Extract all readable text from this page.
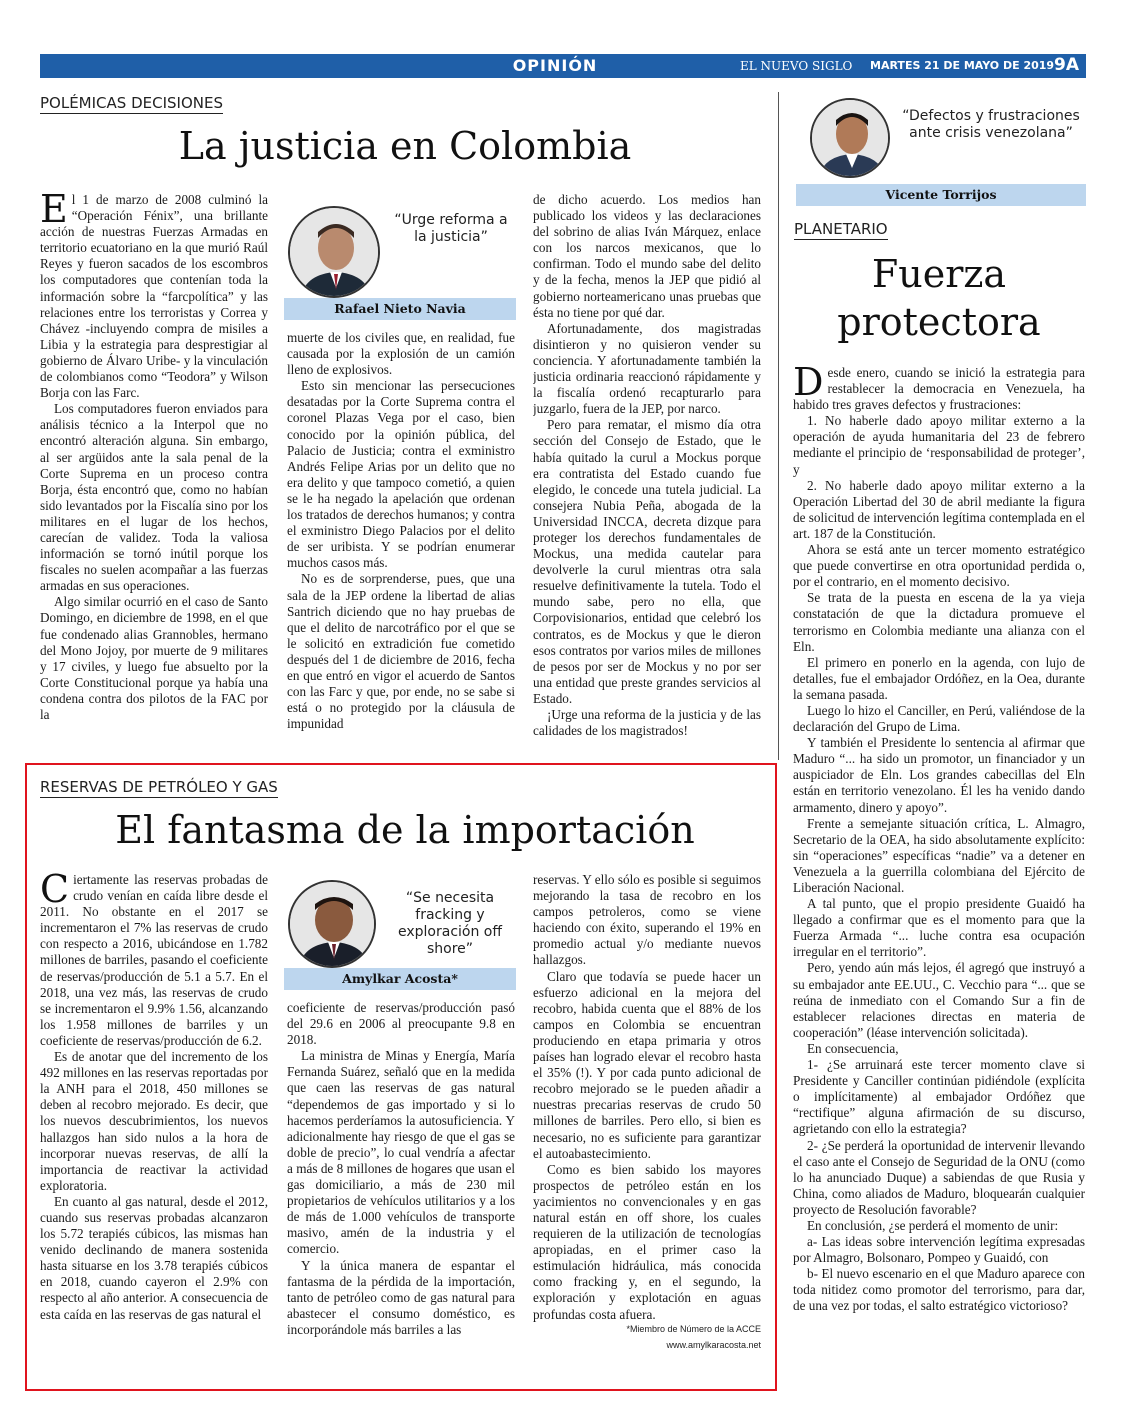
OPINIÓN	EL NUEVO SIGLO MARTES 21 DE MAYO DE 2019 9A
POLÉMICAS DECISIONES
La justicia en Colombia
E l 1 de marzo de 2008 culminó la “Operación Fénix”, una brillante acción de nuestras Fuerzas Armadas en territorio ecuatoriano en la que murió Raúl Reyes y fueron sacados de los escombros los computadores que contenían toda la información sobre la “farcpolítica” y las relaciones entre los terroristas y Correa y Chávez -incluyendo compra de misiles a Libia y la estrategia para desprestigiar al gobierno de Álvaro Uribe- y la vinculación de colombianos como “Teodora” y Wilson Borja con las Farc.

Los computadores fueron enviados para análisis técnico a la Interpol que no encontró alteración alguna. Sin embargo, al ser argüidos ante la sala penal de la Corte Suprema en un proceso contra Borja, ésta encontró que, como no habían sido levantados por la Fiscalía sino por los militares en el lugar de los hechos, carecían de validez. Toda la valiosa información se tornó inútil porque los fiscales no suelen acompañar a las fuerzas armadas en sus operaciones.

Algo similar ocurrió en el caso de Santo Domingo, en diciembre de 1998, en el que fue condenado alias Grannobles, hermano del Mono Jojoy, por muerte de 9 militares y 17 civiles, y luego fue absuelto por la Corte Constitucional porque ya había una condena contra dos pilotos de la FAC por la

“Urge reforma a la justicia”
Rafael Nieto Navia

muerte de los civiles que, en realidad, fue causada por la explosión de un camión lleno de explosivos.

Esto sin mencionar las persecuciones desatadas por la Corte Suprema contra el coronel Plazas Vega por el caso, bien conocido por la opinión pública, del Palacio de Justicia; contra el exministro Andrés Felipe Arias por un delito que no era delito y que tampoco cometió, a quien se le ha negado la apelación que ordenan los tratados de derechos humanos; y contra el exministro Diego Palacios por el delito de ser uribista. Y se podrían enumerar muchos casos más.

No es de sorprenderse, pues, que una sala de la JEP ordene la libertad de alias Santrich diciendo que no hay pruebas de que el delito de narcotráfico por el que se le solicitó en extradición fue cometido después del 1 de diciembre de 2016, fecha en que entró en vigor el acuerdo de Santos con las Farc y que, por ende, no se sabe si está o no protegido por la cláusula de impunidad

de dicho acuerdo. Los medios han publicado los videos y las declaraciones del sobrino de alias Iván Márquez, enlace con los narcos mexicanos, que lo confirman. Todo el mundo sabe del delito y de la fecha, menos la JEP que pidió al gobierno norteamericano unas pruebas que ésta no tiene por qué dar.

Afortunadamente, dos magistradas disintieron y no quisieron vender su conciencia. Y afortunadamente también la justicia ordinaria reaccionó rápidamente y la fiscalía ordenó recapturarlo para juzgarlo, fuera de la JEP, por narco.

Pero para rematar, el mismo día otra sección del Consejo de Estado, que le había quitado la curul a Mockus porque era contratista del Estado cuando fue elegido, le concede una tutela judicial. La consejera Nubia Peña, abogada de la Universidad INCCA, decreta dizque para proteger los derechos fundamentales de Mockus, una medida cautelar para devolverle la curul mientras otra sala resuelve definitivamente la tutela. Todo el mundo sabe, pero no ella, que Corpovisionarios, entidad que celebró los contratos, es de Mockus y que le dieron esos contratos por varios miles de millones de pesos por ser de Mockus y no por ser una entidad que preste grandes servicios al Estado.

¡Urge una reforma de la justicia y de las calidades de los magistrados!

RESERVAS DE PETRÓLEO Y GAS
El fantasma de la importación
C iertamente las reservas probadas de crudo venían en caída libre desde el 2011. No obstante en el 2017 se incrementaron el 7% las reservas de crudo con respecto a 2016, ubicándose en 1.782 millones de barriles, pasando el coeficiente de reservas/producción de 5.1 a 5.7. En el 2018, una vez más, las reservas de crudo se incrementaron el 9.9% 1.56, alcanzando los 1.958 millones de barriles y un coeficiente de reservas/producción de 6.2.

Es de anotar que del incremento de los 492 millones en las reservas reportadas por la ANH para el 2018, 450 millones se deben al recobro mejorado. Es decir, que los nuevos descubrimientos, los nuevos hallazgos han sido nulos a la hora de incorporar nuevas reservas, de allí la importancia de reactivar la actividad exploratoria.

En cuanto al gas natural, desde el 2012, cuando sus reservas probadas alcanzaron los 5.72 terapiés cúbicos, las mismas han venido declinando de manera sostenida hasta situarse en los 3.78 terapiés cúbicos en 2018, cuando cayeron el 2.9% con respecto al año anterior. A consecuencia de esta caída en las reservas de gas natural el

“Se necesita fracking y exploración off shore”
Amylkar Acosta*

coeficiente de reservas/producción pasó del 29.6 en 2006 al preocupante 9.8 en 2018.

La ministra de Minas y Energía, María Fernanda Suárez, señaló que en la medida que caen las reservas de gas natural “dependemos de gas importado y si lo hacemos perderíamos la autosuficiencia. Y adicionalmente hay riesgo de que el gas se doble de precio”, lo cual vendría a afectar a más de 8 millones de hogares que usan el gas domiciliario, a más de 230 mil propietarios de vehículos utilitarios y a los de más de 1.000 vehículos de transporte masivo, amén de la industria y el comercio.

Y la única manera de espantar el fantasma de la pérdida de la importación, tanto de petróleo como de gas natural para abastecer el consumo doméstico, es incorporándole más barriles a las

reservas. Y ello sólo es posible si seguimos mejorando la tasa de recobro en los campos petroleros, como se viene haciendo con éxito, superando el 19% en promedio actual y/o mediante nuevos hallazgos.

Claro que todavía se puede hacer un esfuerzo adicional en la mejora del recobro, habida cuenta que el 88% de los campos en Colombia se encuentran produciendo en etapa primaria y otros países han logrado elevar el recobro hasta el 35% (!). Y por cada punto adicional de recobro mejorado se le pueden añadir a nuestras precarias reservas de crudo 50 millones de barriles. Pero ello, si bien es necesario, no es suficiente para garantizar el autoabastecimiento.

Como es bien sabido los mayores prospectos de petróleo están en los yacimientos no convencionales y en gas natural están en off shore, los cuales requieren de la utilización de tecnologías apropiadas, en el primer caso la estimulación hidráulica, más conocida como fracking y, en el segundo, la exploración y explotación en aguas profundas costa afuera.

*Miembro de Número de la ACCE
www.amylkaracosta.net
“Defectos y frustraciones ante crisis venezolana”
Vicente Torrijos
PLANETARIO
Fuerza
protectora
D esde enero, cuando se inició la estrategia para restablecer la democracia en Venezuela, ha habido tres graves defectos y frustraciones:

1. No haberle dado apoyo militar externo a la operación de ayuda humanitaria del 23 de febrero mediante el principio de ‘responsabilidad de proteger’, y

2. No haberle dado apoyo militar externo a la Operación Libertad del 30 de abril mediante la figura de solicitud de intervención legítima contemplada en el art. 187 de la Constitución.

Ahora se está ante un tercer momento estratégico que puede convertirse en otra oportunidad perdida o, por el contrario, en el momento decisivo.

Se trata de la puesta en escena de la ya vieja constatación de que la dictadura promueve el terrorismo en Colombia mediante una alianza con el Eln.

El primero en ponerlo en la agenda, con lujo de detalles, fue el embajador Ordóñez, en la Oea, durante la semana pasada.

Luego lo hizo el Canciller, en Perú, valiéndose de la declaración del Grupo de Lima.

Y también el Presidente lo sentencia al afirmar que Maduro “... ha sido un promotor, un financiador y un auspiciador de Eln. Los grandes cabecillas del Eln están en territorio venezolano. Él les ha venido dando armamento, dinero y apoyo”.

Frente a semejante situación crítica, L. Almagro, Secretario de la OEA, ha sido absolutamente explícito: sin “operaciones” específicas “nadie” va a detener en Venezuela a la guerrilla colombiana del Ejército de Liberación Nacional.

A tal punto, que el propio presidente Guaidó ha llegado a confirmar que es el momento para que la Fuerza Armada “... luche contra esa ocupación irregular en el territorio”.

Pero, yendo aún más lejos, él agregó que instruyó a su embajador ante EE.UU., C. Vecchio para “... que se reúna de inmediato con el Comando Sur a fin de establecer relaciones directas en materia de cooperación” (léase intervención solicitada).

En consecuencia,

1- ¿Se arruinará este tercer momento clave si Presidente y Canciller continúan pidiéndole (explícita o implícitamente) al embajador Ordóñez que “rectifique” alguna afirmación de su discurso, agrietando con ello la estrategia?

2- ¿Se perderá la oportunidad de intervenir llevando el caso ante el Consejo de Seguridad de la ONU (como lo ha anunciado Duque) a sabiendas de que Rusia y China, como aliados de Maduro, bloquearán cualquier proyecto de Resolución favorable?

En conclusión, ¿se perderá el momento de unir:

a- Las ideas sobre intervención legítima expresadas por Almagro, Bolsonaro, Pompeo y Guaidó, con

b- El nuevo escenario en el que Maduro aparece con toda nitidez como promotor del terrorismo, para dar, de una vez por todas, el salto estratégico victorioso?
